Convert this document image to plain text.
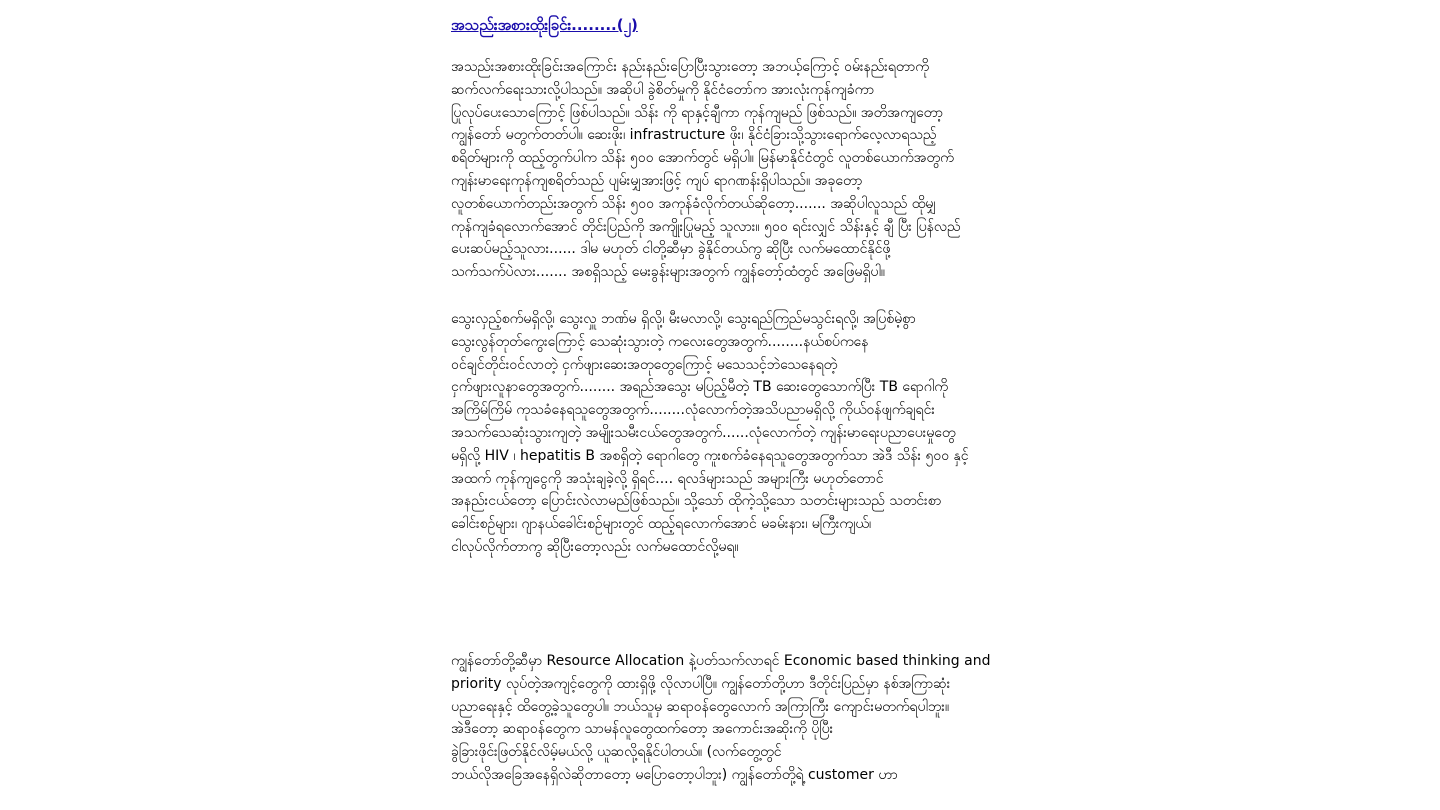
အသည်းအစားထိုးခြင်း........(၂)
အသည်းအစားထိုးခြင်းအကြောင်း နည်းနည်းပြောပြီးသွားတော့ အဘယ့်ကြောင့် ဝမ်းနည်းရတာကို
ဆက်လက်ရေးသားလို့ပါသည်။ အဆိုပါ ခွဲစိတ်မှုကို နိုင်ငံတော်က အားလုံးကုန်ကျခံကာ
ပြုလုပ်ပေးသောကြောင့် ဖြစ်ပါသည်။ သိန်း ကို ရာနှင့်ချီကာ ကုန်ကျမည် ဖြစ်သည်။ အတိအကျတော့
ကျွန်တော် မတွက်တတ်ပါ။ ဆေးဖိုး၊ infrastructure ဖိုး၊ နိုင်ငံခြားသို့သွားရောက်လေ့လာရသည့်
စရိတ်များကို ထည့်တွက်ပါက သိန်း ၅၀၀ အောက်တွင် မရှိပါ။ မြန်မာနိုင်ငံတွင် လူတစ်ယောက်အတွက်
ကျန်းမာရေးကုန်ကျစရိတ်သည် ပျမ်းမျှအားဖြင့် ကျပ် ရာဂဏန်းရှိပါသည်။ အခုတော့
လူတစ်ယောက်တည်းအတွက် သိန်း ၅၀၀ အကုန်ခံလိုက်တယ်ဆိုတော့....... အဆိုပါလူသည် ထိုမျှ
ကုန်ကျခံရလောက်အောင် တိုင်းပြည်ကို အကျိုးပြုမည့် သူလား။ ၅၀၀ ရင်းလျှင် သိန်းနှင့် ချီ ပြီး ပြန်လည်
ပေးဆပ်မည့်သူလား...... ဒါမ မဟုတ် ငါတို့ဆီမှာ ခွဲနိုင်တယ်ကွ ဆိုပြီး လက်မထောင်နိုင်ဖို့
သက်သက်ပဲလား....... အစရှိသည့် မေးခွန်းများအတွက် ကျွန်တော့်ထံတွင် အဖြေမရှိပါ။
သွေးလှည့်စက်မရှိလို့၊ သွေးလှူ ဘဏ်မ ရှိလို့၊ မီးမလာလို့၊ သွေးရည်ကြည်မသွင်းရလို့၊ အပြစ်မဲ့စွာ
သွေးလွန်တုတ်ကွေးကြောင့် သေဆုံးသွားတဲ့ ကလေးတွေအတွက်........နယ်စပ်ကနေ
ဝင်ချင်တိုင်းဝင်လာတဲ့ ငှက်ဖျားဆေးအတုတွေကြောင့် မသေသင့်ဘဲသေနေရတဲ့
ငှက်ဖျားလူနာတွေအတွက်........ အရည်အသွေး မပြည့်မီတဲ့ TB ဆေးတွေသောက်ပြီး TB ရောဂါကို
အကြိမ်ကြိမ် ကုသခံနေရသူတွေအတွက်........လုံလောက်တဲ့အသိပညာမရှိလို့ ကိုယ်ဝန်ဖျက်ချရင်း
အသက်သေဆုံးသွားကျတဲ့ အမျိုးသမီးငယ်တွေအတွက်......လုံလောက်တဲ့ ကျန်းမာရေးပညာပေးမှုတွေ
မရှိလို့ HIV ၊ hepatitis B အစရှိတဲ့ ရောဂါတွေ ကူးစက်ခံနေရသူတွေအတွက်သာ အဲဒီ သိန်း ၅၀၀ နှင့်
အထက် ကုန်ကျငွေကို အသုံးချခဲ့လို့ ရှိရင်.... ရလဒ်များသည် အများကြီး မဟုတ်တောင်
အနည်းငယ်တော့ ပြောင်းလဲလာမည်ဖြစ်သည်။ သို့သော် ထိုကဲ့သို့သော သတင်းများသည် သတင်းစာ
ခေါင်းစဉ်များ၊ ဂျာနယ်ခေါင်းစဉ်များတွင် ထည့်ရလောက်အောင် မခမ်းနား၊ မကြီးကျယ်၊
ငါလုပ်လိုက်တာကွ ဆိုပြီးတော့လည်း လက်မထောင်လို့မရ။
ကျွန်တော်တို့ဆီမှာ Resource Allocation နဲ့ပတ်သက်လာရင် Economic based thinking and
priority လုပ်တဲ့အကျင့်တွေကို ထားရှိဖို့ လိုလာပါပြီ။ ကျွန်တော်တို့ဟာ ဒီတိုင်းပြည်မှာ နစ်အကြာဆုံး
ပညာရေးနှင့် ထိတွေ့ခဲ့သူတွေပါ။ ဘယ်သူမှ ဆရာဝန်တွေလောက် အကြာကြီး ကျောင်းမတက်ရပါဘူး။
အဲဒီတော့ ဆရာဝန်တွေက သာမန်လူတွေထက်တော့ အကောင်းအဆိုးကို ပိုပြီး
ခွဲခြားဖိုင်းဖြတ်နိုင်လိမ့်မယ်လို့ ယူဆလို့ရနိုင်ပါတယ်။ (လက်တွေ့တွင်
ဘယ်လိုအခြေအနေရှိလဲဆိုတာတော့ မပြောတော့ပါဘူး) ကျွန်တော်တို့ရဲ့ customer ဟာ
